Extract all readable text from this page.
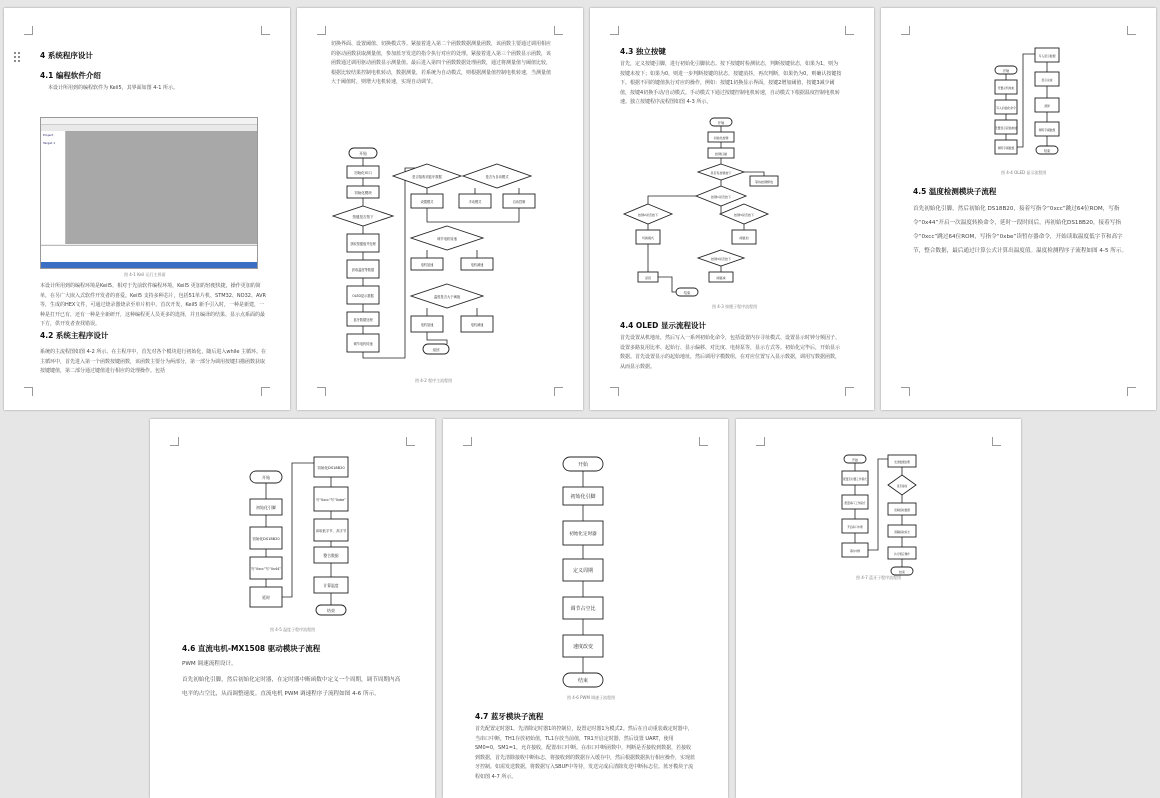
4 系统程序设计
4.1 编程软件介绍
本设计所用到的编程软件为 Keil5，其界面如图 4-1 所示。
Project
Target 1
图 4-1 Keil 运行主界面
本设计所用到的编程环境是Keil5，相对于先前软件编程环境，Keil5 更加的轻便快捷，操作更加的简单，在另广大嵌入式软件开发者的喜爱。Keil5 支持多种芯片，包括51单片机、STM32、NO32、AVR等，生成的HEX文件，可通过烧录器烧录至单片机中。首次开发，Keil5 新手引入时，一种是新建，一种是打开已有，还有一种是全新研开，这种编程更人员更多的选择，并且编译的结果、显示点系面的最下方，供开发者查找错误。
4.2 系统主程序设计
系统的主流程图如图 4-2 所示。在主程序中，首先对各个模块进行初始化，随后进入while 主循环。在主循环中，首先进入第一个函数按键函数，该函数主要分为两部分，第一部分为调用按键扫描函数获取按键键值，第二部分通过键值进行相应的处理操作。包括
切换界面、设置阈值、切换模式等。紧接着进入第二个函数数据测量函数，该函数主要通过调用相应的驱动函数获取测量值，参加蓝牙发送的指令执行对应的处理。紧接着进入第三个函数显示函数，该函数通过调用驱动函数显示测量值。最后进入第四个函数数据处理函数，通过将测量值与阈值比较，根据比较结果控制电机转动，数据测量，若系统为自动模式，则根据测量值控制电机转速，当测量值大于阈值时，则增大电机转速，实现自动调节。
开始
初始化IO口
初始化模块
按键是否按下
获取按键值并处理
获取温度等数据
OLED显示数据
蓝牙数据处理
调节电机转速
是否接收到蓝牙数据	是否为自动模式
设置模式	手动模式	自动控制
调节电机转速
电机加速	电机减速
温度是否大于阈值
电机加速	电机减速
返回
图 4-2 程序主流程图
4.3 独立按键
首先，定义按键引脚，进行初始化引脚状态。按下按键时检测状态，判断按键状态，如果为1，则为按键未按下；如果为0，则进一步判断按键的状态，按键消抖，再次判断，如果仍为0，则确认按键按下。根据不同的键值执行对应的操作，例如：按键1切换显示界面，按键2增加阈值，按键3减少阈值，按键4切换手动/自动模式。手动模式下通过按键控制电机转速，自动模式下根据温度控制电机转速。独立按键程序流程图如图 4-3 所示。
开始
初始化按键
按键扫描
是否有按键按下
等待按键释放
按键1是否按下
按键2是否按下	按键3是否按下
切换模式	阈值加
按键3是否按下
阈值减
返回
结束
图 4-3 按键子程序流程图
4.4 OLED 显示流程设计
首先设置从机地址，然后写入一系列初始化命令，包括设置内存寻址模式、设置显示时钟分频因子、设置多路复用比率、起始行、显示偏移、对比度、电荷泵等，显示方式等。初始化完毕后，开始显示数据。首先设置显示的起始地址，然后调用字模数组，在对应位置写入显示数据，调用写数据函数，从而显示数据。
开始
设置从机地址
写入初始化命令
设置显示起始地址
调用字模数组
写入显示数据
显示完成
清屏
调用字模数组
结束
图 4-4 OLED 显示流程图
4.5 温度检测模块子流程
首先初始化引脚，然后初始化 DS18B20，接着写指令“0xcc”跳过64位ROM，写指令“0x44”开启一次温度转换命令，延时一段时间后，再初始化DS18B20，接着写指令“0xcc”跳过64位ROM，写指令“0xbe”读暂存器命令，开始读取温度低字节和高字节，整合数据，最后通过计算公式计算出温度值。温度检测程序子流程如图 4-5 所示。
开始
初始化引脚
初始化DS18B20
写“0xcc”写“0x44”
延时
初始化DS18B20
写“0xcc”写“0xbe”
读取低字节、高字节
整合数据
计算温度
结束
图 4-5 温度子程序流程图
4.6 直流电机-MX1508 驱动模块子流程
PWM 调速流程设计。
首先初始化引脚，然后初始化定时器，在定时器中断函数中定义一个周期，调节周期内高电平的占空比，从而调整速度。直流电机 PWM 调速程序子流程如图 4-6 所示。
开始
初始化引脚
初始化定时器
定义周期
调节占空比
速度改变
结束
图 4-6 PWM 调速子流程图
4.7 蓝牙模块子流程
首先配置定时器1，先清除定时器1的控制位，设置定时器1为模式2。然后在自动重装载定时器中，当串口中断，TH1存放初始值，TL1存放当前值，TR1开启定时器，然后设置 UART，使用SM0=0，SM1=1，允许接收，配置串口中断。在串口中断函数中，判断是否接收到数据，若接收到数据，首先清除接收中断标志，将接收到的数据存入缓存中，然后根据数据执行相应操作，实现蓝牙控制。如需发送数据，将数据写入SBUF中等待，发送完成后清除发送中断标志位。蓝牙模块子流程如图 4-7 所示。
开始
配置定时器工作模式
配置串口工作模式
开启串口中断
等待中断
发送数据处理
是否接收
读取接收数据
清除接收标志
执行相应操作
结束
图 4-7 蓝牙子程序流程图
